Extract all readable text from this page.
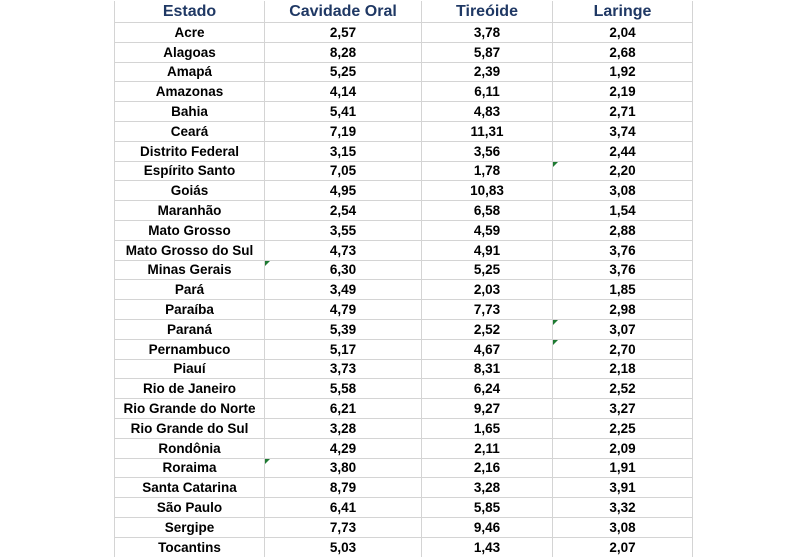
Estado	Cavidade Oral	Tireóide	Laringe
Acre	2,57	3,78	2,04
Alagoas	8,28	5,87	2,68
Amapá	5,25	2,39	1,92
Amazonas	4,14	6,11	2,19
Bahia	5,41	4,83	2,71
Ceará	7,19	11,31	3,74
Distrito Federal	3,15	3,56	2,44
Espírito Santo	7,05	1,78	2,20

Goiás	4,95	10,83	3,08
Maranhão	2,54	6,58	1,54
Mato Grosso	3,55	4,59	2,88
Mato Grosso do Sul	4,73	4,91	3,76
Minas Gerais	6,30	5,25	3,76
Pará	3,49	2,03	1,85
Paraíba	4,79	7,73	2,98
Paraná	5,39	2,52	3,07

Pernambuco	5,17	4,67	2,70

Piauí	3,73	8,31	2,18
Rio de Janeiro	5,58	6,24	2,52
Rio Grande do Norte	6,21	9,27	3,27
Rio Grande do Sul	3,28	1,65	2,25
Rondônia	4,29	2,11	2,09
Roraima	3,80	2,16	1,91
Santa Catarina	8,79	3,28	3,91
São Paulo	6,41	5,85	3,32
Sergipe	7,73	9,46	3,08
Tocantins	5,03	1,43	2,07
